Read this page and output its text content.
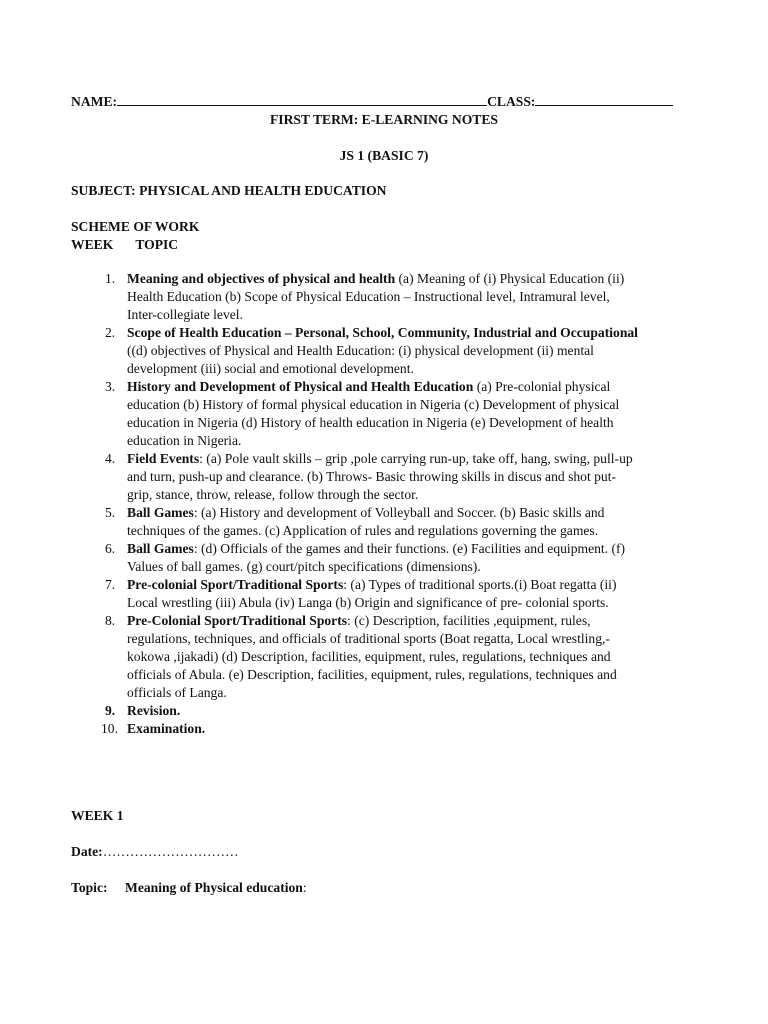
NAME:	CLASS:
FIRST TERM: E-LEARNING NOTES
JS 1 (BASIC 7)
SUBJECT: PHYSICAL AND HEALTH EDUCATION
SCHEME OF WORK
WEEK TOPIC
1. Meaning and objectives of physical and health (a) Meaning of (i) Physical Education (ii)
Health Education (b) Scope of Physical Education – Instructional level, Intramural level,
Inter-collegiate level.
2. Scope of Health Education – Personal, School, Community, Industrial and Occupational
((d) objectives of Physical and Health Education: (i) physical development (ii) mental
development (iii) social and emotional development.
3. History and Development of Physical and Health Education (a) Pre-colonial physical
education (b) History of formal physical education in Nigeria (c) Development of physical
education in Nigeria (d) History of health education in Nigeria (e) Development of health
education in Nigeria.
4. Field Events: (a) Pole vault skills – grip ,pole carrying run-up, take off, hang, swing, pull-up
and turn, push-up and clearance. (b) Throws- Basic throwing skills in discus and shot put-
grip, stance, throw, release, follow through the sector.
5. Ball Games: (a) History and development of Volleyball and Soccer. (b) Basic skills and
techniques of the games. (c) Application of rules and regulations governing the games.
6. Ball Games: (d) Officials of the games and their functions. (e) Facilities and equipment. (f)
Values of ball games. (g) court/pitch specifications (dimensions).
7. Pre-colonial Sport/Traditional Sports: (a) Types of traditional sports.(i) Boat regatta (ii)
Local wrestling (iii) Abula (iv) Langa (b) Origin and significance of pre- colonial sports.
8. Pre-Colonial Sport/Traditional Sports: (c) Description, facilities ,equipment, rules,
regulations, techniques, and officials of traditional sports (Boat regatta, Local wrestling,-
kokowa ,ijakadi) (d) Description, facilities, equipment, rules, regulations, techniques and
officials of Abula. (e) Description, facilities, equipment, rules, regulations, techniques and
officials of Langa.
9. Revision.
10. Examination.
WEEK 1
Date:…………………………
Topic: Meaning of Physical education:
